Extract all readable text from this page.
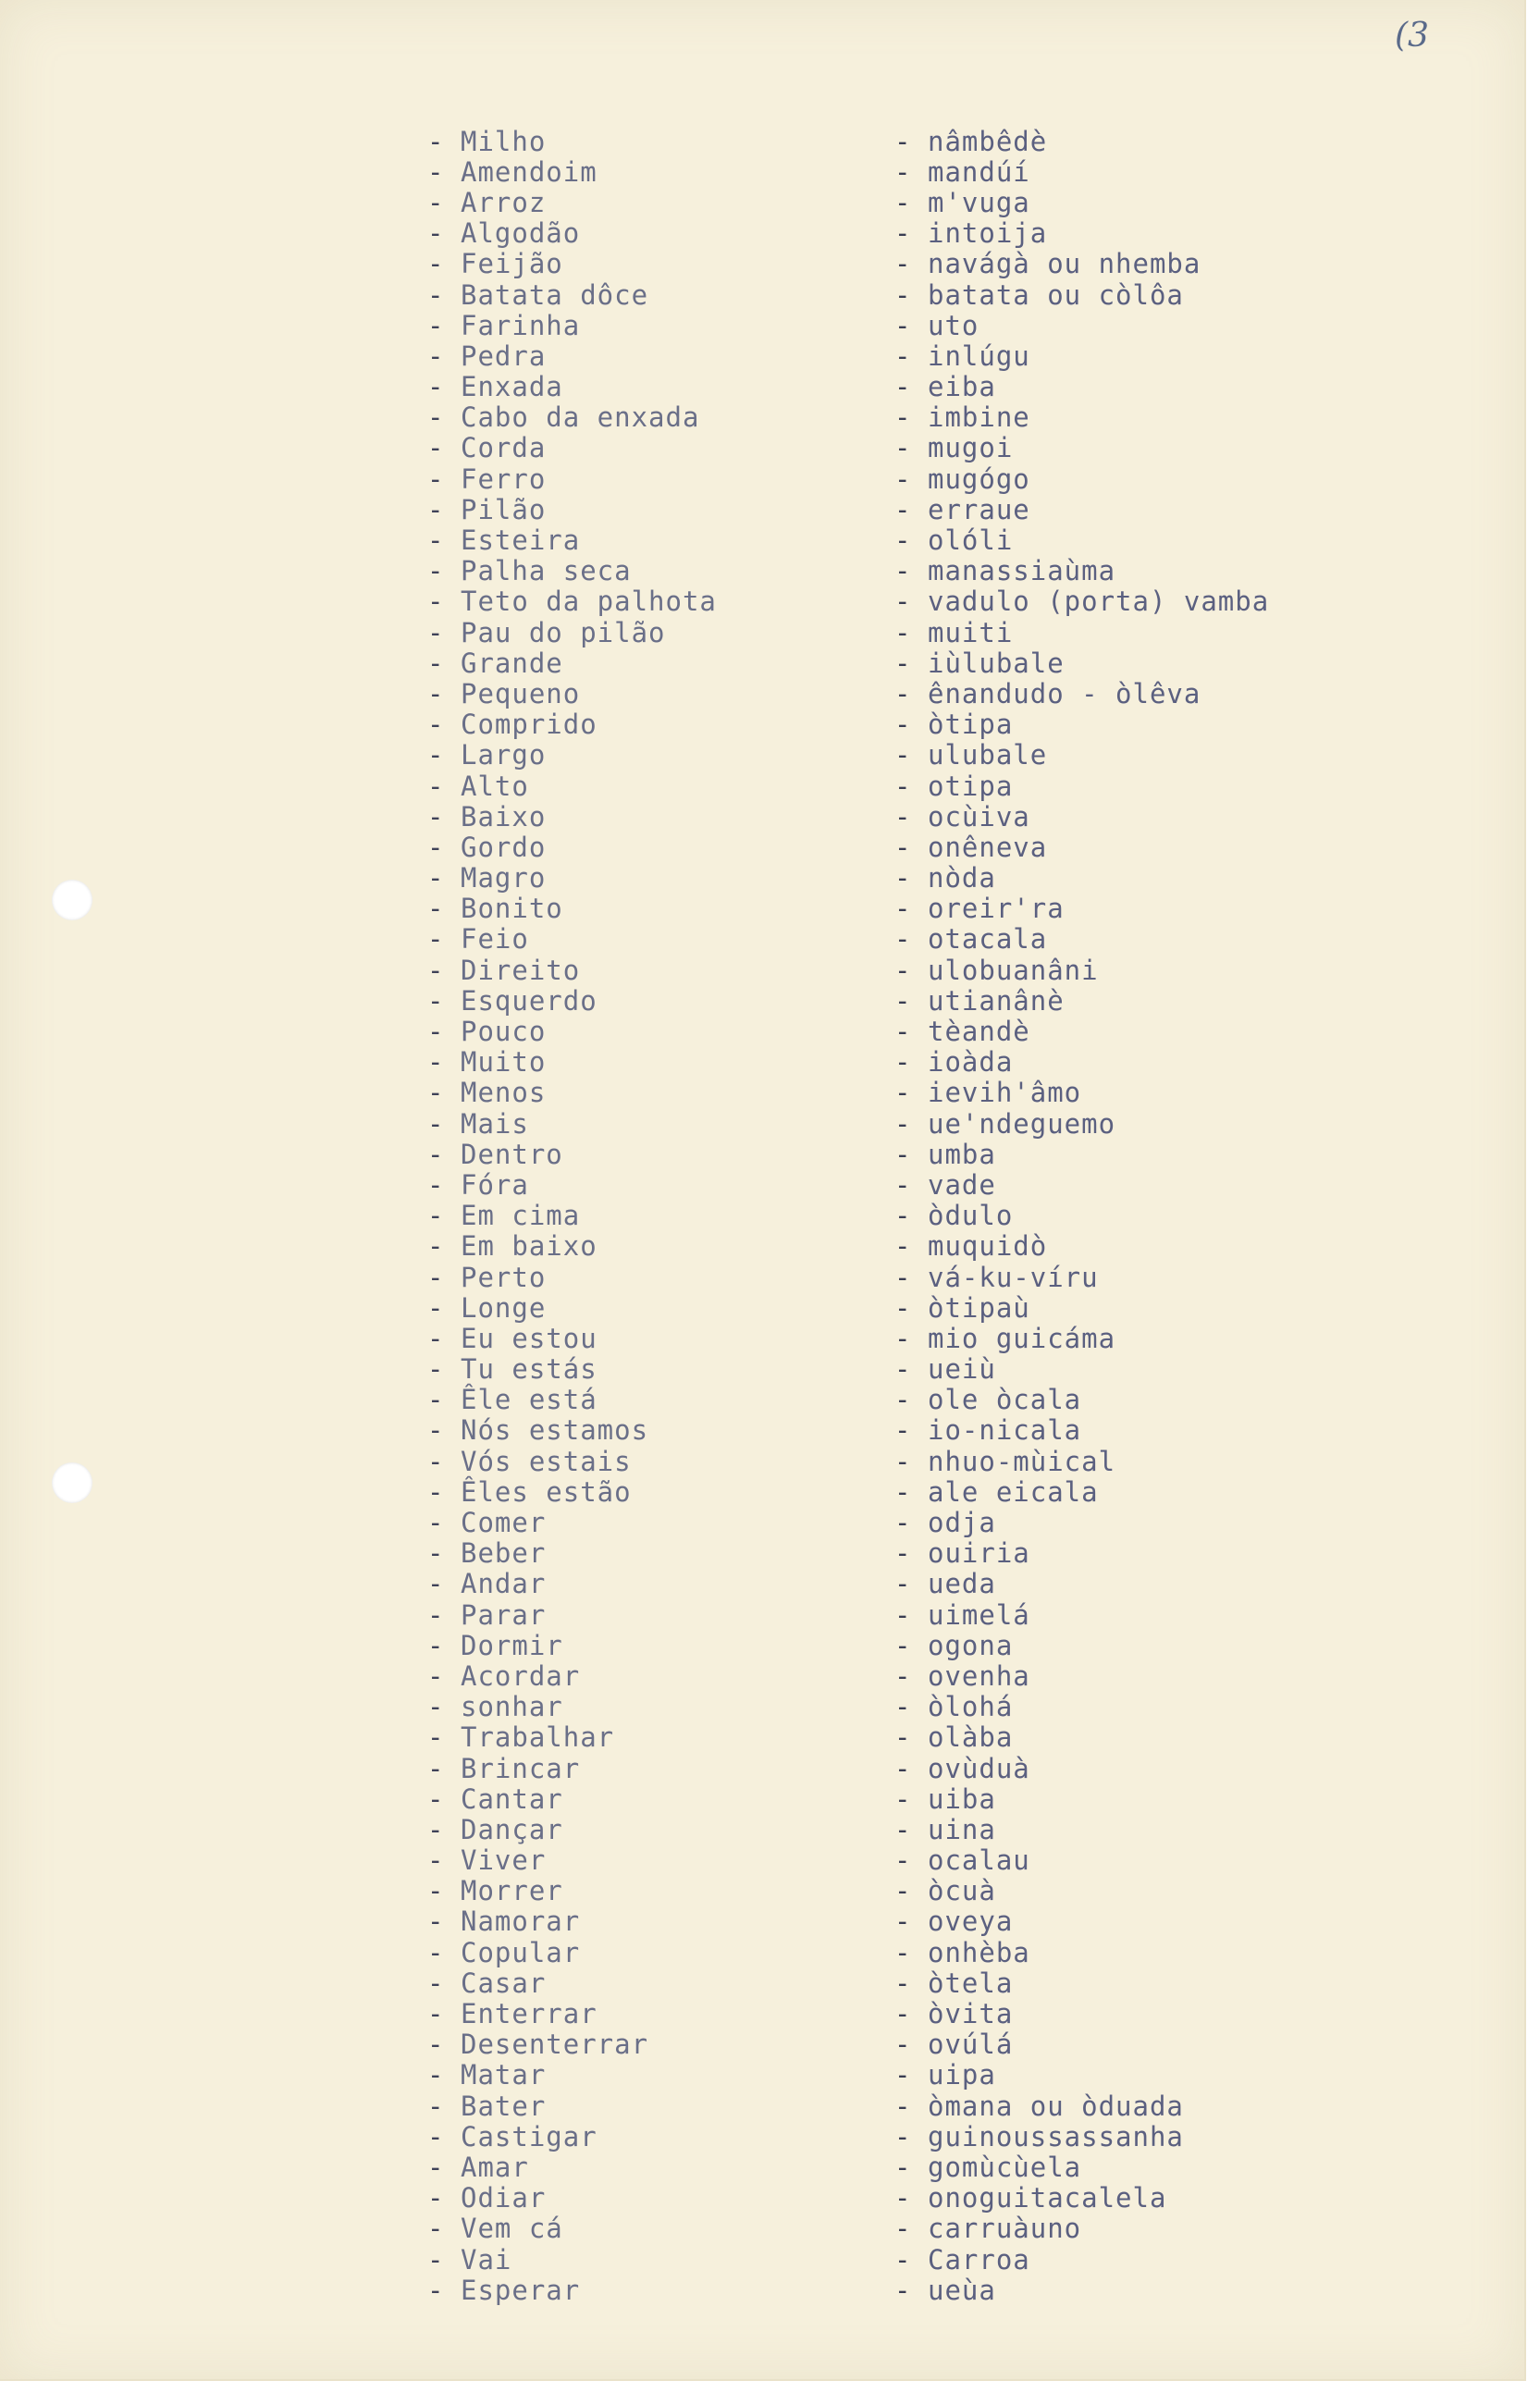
(3
- Milho	- nâmbêdè
- Amendoim	- mandúí
- Arroz	- m'vuga
- Algodão	- intoija
- Feijão	- navágà ou nhemba
- Batata dôce	- batata ou còlôa
- Farinha	- uto
- Pedra	- inlúgu
- Enxada	- eiba
- Cabo da enxada	- imbine
- Corda	- mugoi
- Ferro	- mugógo
- Pilão	- erraue
- Esteira	- olóli
- Palha seca	- manassiaùma
- Teto da palhota	- vadulo (porta) vamba
- Pau do pilão	- muiti
- Grande	- iùlubale
- Pequeno	- ênandudo - òlêva
- Comprido	- òtipa
- Largo	- ulubale
- Alto	- otipa
- Baixo	- ocùiva
- Gordo	- onêneva
- Magro	- nòda
- Bonito	- oreir'ra
- Feio	- otacala
- Direito	- ulobuanâni
- Esquerdo	- utianânè
- Pouco	- tèandè
- Muito	- ioàda
- Menos	- ievih'âmo
- Mais	- ue'ndeguemo
- Dentro	- umba
- Fóra	- vade
- Em cima	- òdulo
- Em baixo	- muquidò
- Perto	- vá-ku-víru
- Longe	- òtipaù
- Eu estou	- mio guicáma
- Tu estás	- ueiù
- Êle está	- ole òcala
- Nós estamos	- io-nicala
- Vós estais	- nhuo-mùical
- Êles estão	- ale eicala
- Comer	- odja
- Beber	- ouiria
- Andar	- ueda
- Parar	- uimelá
- Dormir	- ogona
- Acordar	- ovenha
- sonhar	- òlohá
- Trabalhar	- olàba
- Brincar	- ovùduà
- Cantar	- uiba
- Dançar	- uina
- Viver	- ocalau
- Morrer	- òcuà
- Namorar	- oveya
- Copular	- onhèba
- Casar	- òtela
- Enterrar	- òvita
- Desenterrar	- ovúlá
- Matar	- uipa
- Bater	- òmana ou òduada
- Castigar	- guinoussassanha
- Amar	- gomùcùela
- Odiar	- onoguitacalela
- Vem cá	- carruàuno
- Vai	- Carroa
- Esperar	- ueùa
